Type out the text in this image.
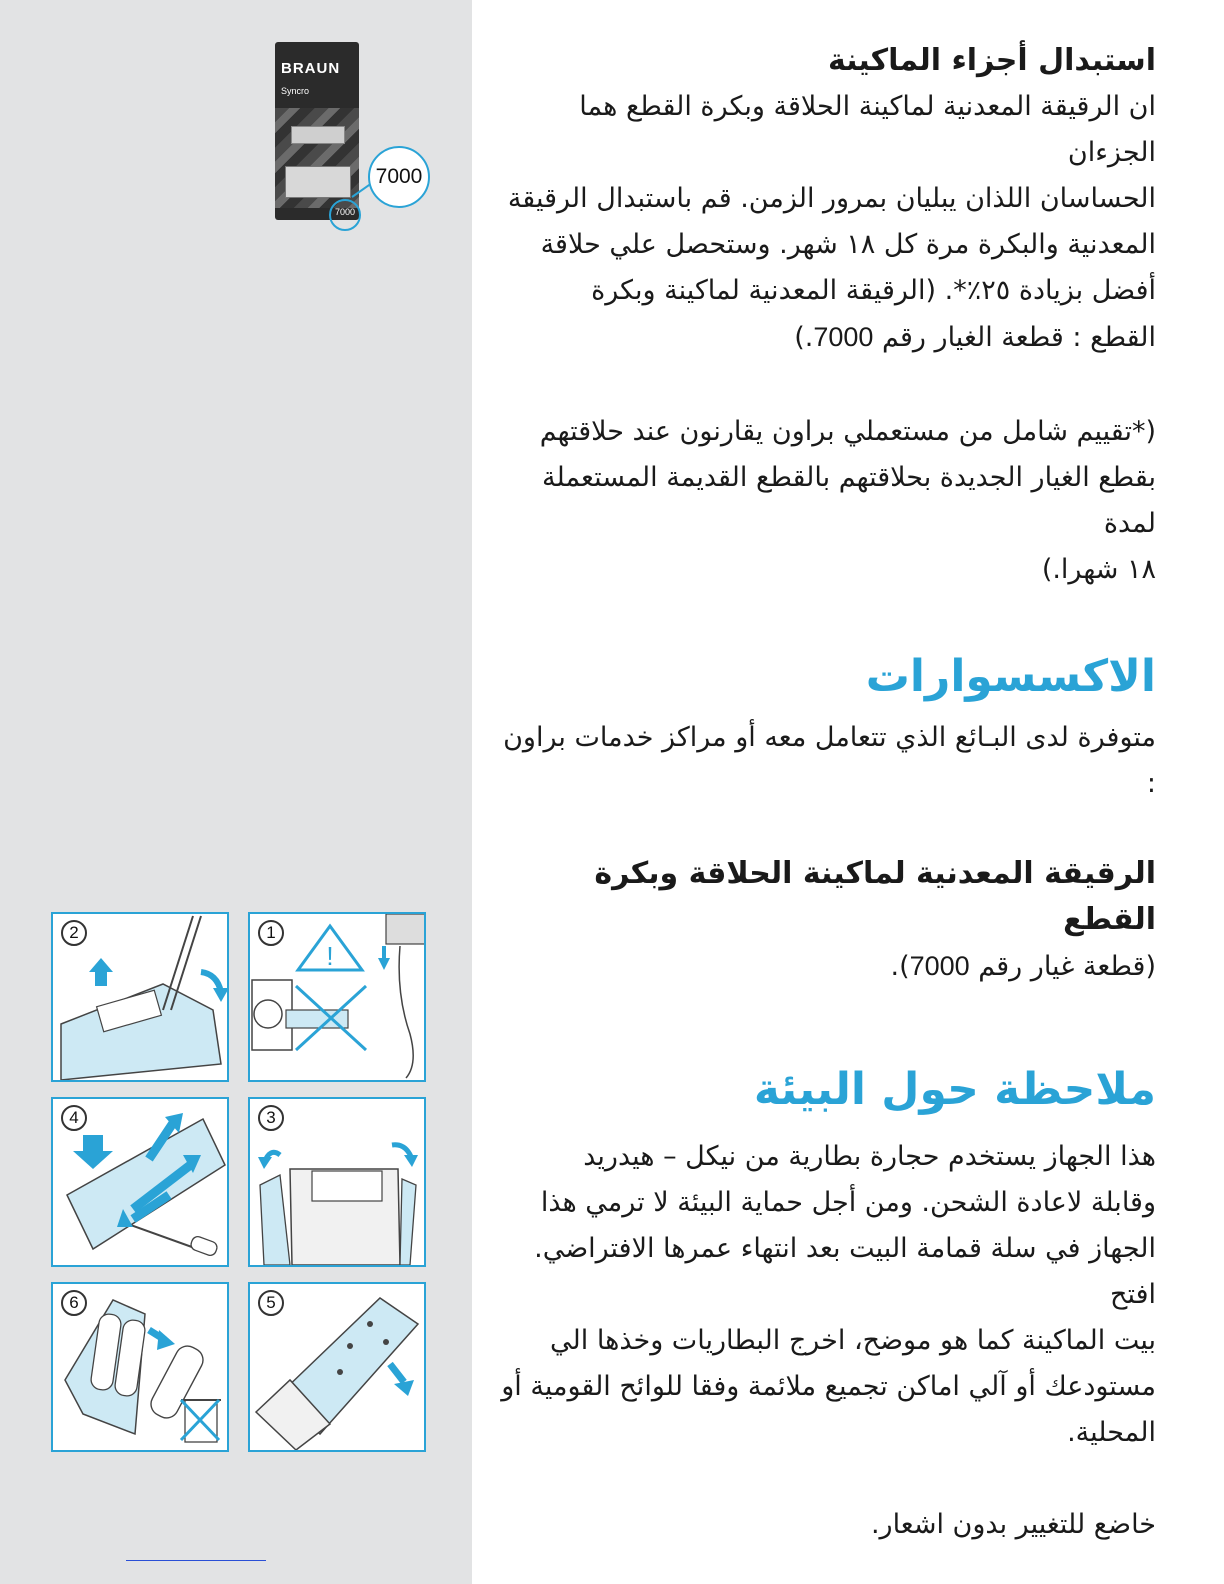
BRAUN
Syncro
7000
7000
!
1
2
3
4
5
6
استبدال أجزاء الماكينة

ان الرقيقة المعدنية لماكينة الحلاقة وبكرة القطع هما الجزءان

الحساسان اللذان يبليان بمرور الزمن. قم باستبدال الرقيقة

المعدنية والبكرة مرة كل ١٨ شهر. وستحصل علي حلاقة

أفضل بزيادة ٢٥٪*. (الرقيقة المعدنية لماكينة وبكرة

القطع : قطعة الغيار رقم 7000.)

(*تقييم شامل من مستعملي براون يقارنون عند حلاقتهم

بقطع الغيار الجديدة بحلاقتهم بالقطع القديمة المستعملة لمدة

١٨ شهرا.)

الاكسسوارات

متوفرة لدى البـائع الذي تتعامل معه أو مراكز خدمات براون :

الرقيقة المعدنية لماكينة الحلاقة وبكرة القطع

(قطعة غيار رقم 7000).

ملاحظة حول البيئة

هذا الجهاز يستخدم حجارة بطارية من نيكل – هيدريد

وقابلة لاعادة الشحن. ومن أجل حماية البيئة لا ترمي هذا

الجهاز في سلة قمامة البيت بعد انتهاء عمرها الافتراضي. افتح

بيت الماكينة كما هو موضح، اخرج البطاريات وخذها الي

مستودعك أو آلي اماكن تجميع ملائمة وفقا للوائح القومية أو

المحلية.

خاضع للتغيير بدون اشعار.
